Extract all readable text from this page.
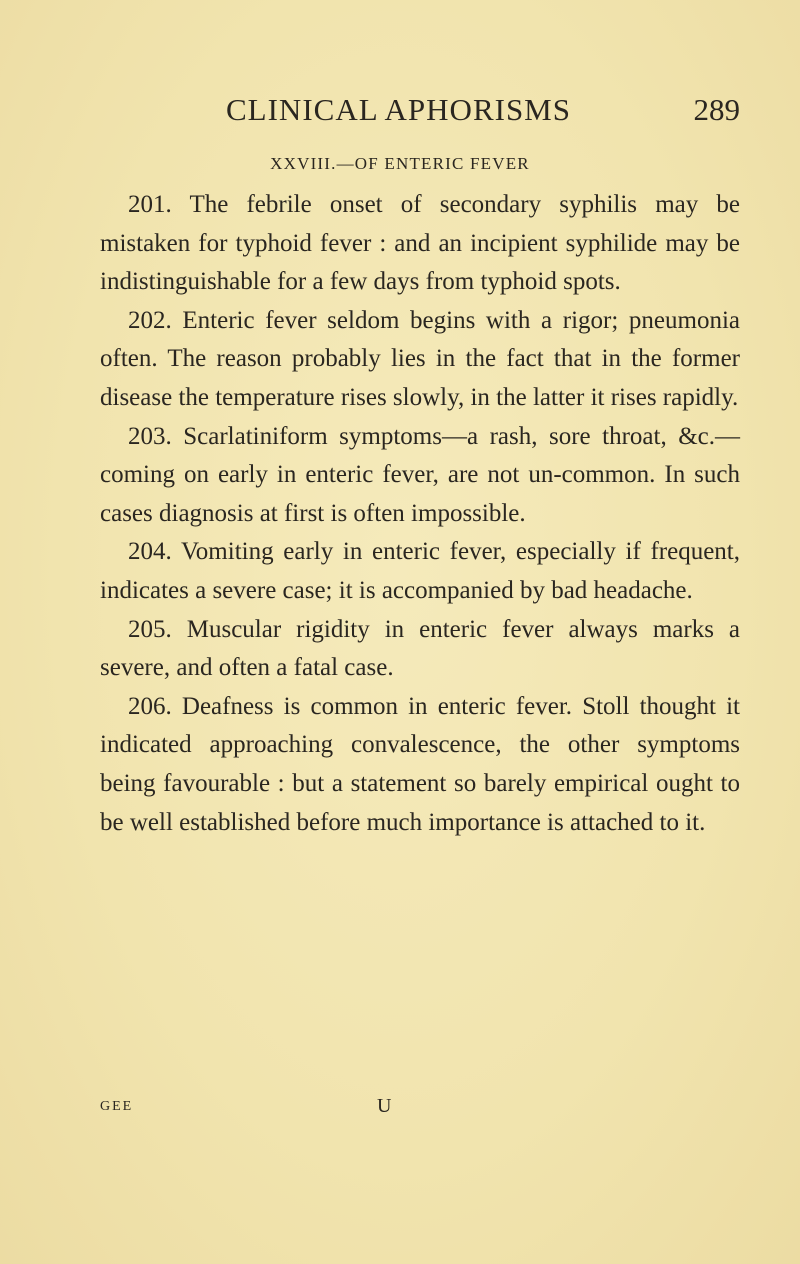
CLINICAL APHORISMS	289
XXVIII.—OF ENTERIC FEVER

201. The febrile onset of secondary syphilis may be mistaken for typhoid fever : and an incipient syphilide may be indistinguishable for a few days from typhoid spots.

202. Enteric fever seldom begins with a rigor; pneumonia often. The reason probably lies in the fact that in the former disease the temperature rises slowly, in the latter it rises rapidly.

203. Scarlatiniform symptoms—a rash, sore throat, &c.—coming on early in enteric fever, are not un-common. In such cases diagnosis at first is often impossible.

204. Vomiting early in enteric fever, especially if frequent, indicates a severe case; it is accompanied by bad headache.

205. Muscular rigidity in enteric fever always marks a severe, and often a fatal case.

206. Deafness is common in enteric fever. Stoll thought it indicated approaching convalescence, the other symptoms being favourable : but a statement so barely empirical ought to be well established before much importance is attached to it.

GEE	U
